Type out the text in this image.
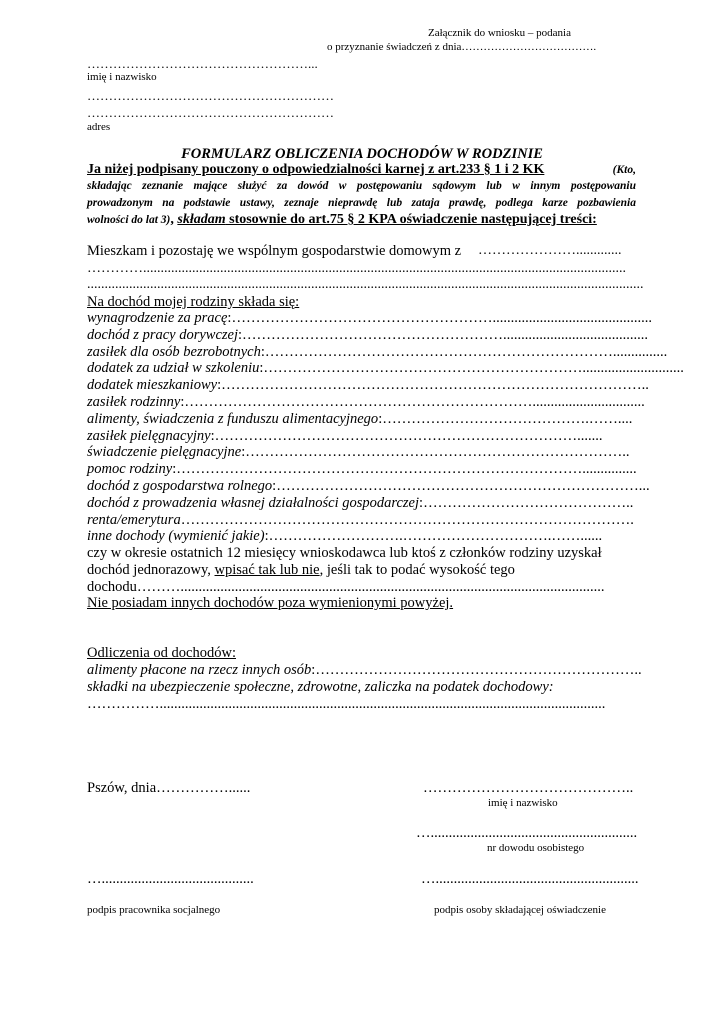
Załącznik do wniosku – podania
o przyznanie świadczeń z dnia……………………………….
……………………………………………...
imię i nazwisko
…………………………………………………
…………………………………………………
adres
FORMULARZ OBLICZENIA DOCHODÓW W RODZINIE
Ja niżej podpisany pouczony o odpowiedzialności karnej z art.233 § 1 i 2 KK	(Kto,
składając zeznanie mające służyć za dowód w postępowaniu sądowym lub w innym postępowaniu
prowadzonym na podstawie ustawy, zeznaje nieprawdę lub zataja prawdę, podlega karze pozbawienia
wolności do lat 3), składam stosownie do art.75 § 2 KPA oświadczenie następującej treści:
Mieszkam i pozostaję we wspólnym gospodarstwie domowym z ………………….............
…………..........................................................................................................................................
...............................................................................................................................................................
Na dochód mojej rodziny składa się:
wynagrodzenie za pracę:………………………………………………............................................
dochód z pracy dorywczej:………………………………………………........................................
zasiłek dla osób bezrobotnych:………………………………………………………………...............
dodatek za udział w szkoleniu:…………………………………………………………............................
dodatek mieszkaniowy:……………………………………………………………………………..
zasiłek rodzinny:………………………………………………………………...............................
alimenty, świadczenia z funduszu alimentacyjnego:…………………………………….……....
zasiłek pielęgnacyjny:………………………………………………………………….......
świadczenie pielęgnacyjne:……………………………………………………………………..
pomoc rodziny:…………………………………………………………………………...............
dochód z gospodarstwa rolnego:…………………………………………………………………...
dochód z prowadzenia własnej działalności gospodarczej:……………………………………..
renta/emerytura………………………………………………………………………………….
inne dochody (wymienić jakie):……………………….………………………….……......
czy w okresie ostatnich 12 miesięcy wnioskodawca lub ktoś z członków rodziny uzyskał
dochód jednorazowy, wpisać tak lub nie, jeśli tak to podać wysokość tego
dochodu……….....................................................................................................................
Nie posiadam innych dochodów poza wymienionymi powyżej.
Odliczenia od dochodów:
alimenty płacone na rzecz innych osób:…………………………………………………………..
składki na ubezpieczenie społeczne, zdrowotne, zaliczka na podatek dochodowy:
……………...........................................................................................................................
Pszów, dnia……………......	……………………………………..
imię i nazwisko
….........................................................
nr dowodu osobistego
…..........................................	…........................................................
podpis pracownika socjalnego	podpis osoby składającej oświadczenie
